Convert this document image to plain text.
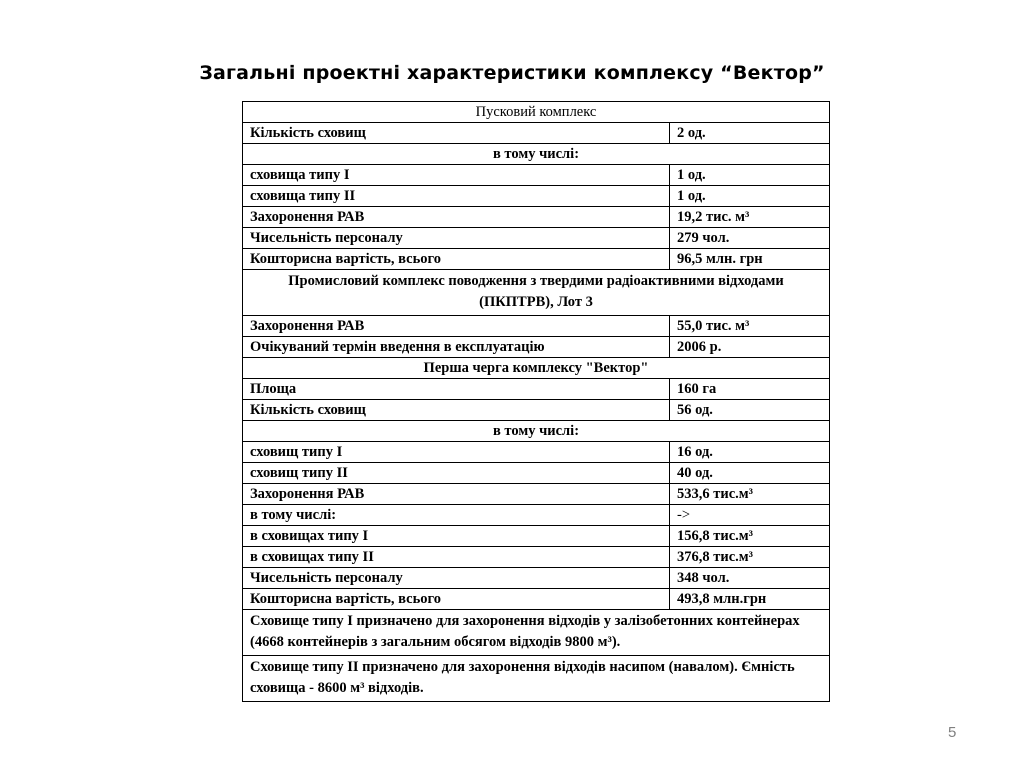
Загальні проектні характеристики комплексу “Вектор”
Пусковий комплекс	
Кількість сховищ	2 од.
в тому числі:	
сховища типу I	1 од.
сховища типу II	1 од.
Захоронення РАВ	19,2 тис. м³
Чисельність персоналу	279 чол.
Кошторисна вартість, всього	96,5 млн. грн
Промисловий комплекс поводження з твердими радіоактивними відходами (ПКПТРВ), Лот 3	
Захоронення РАВ	55,0 тис. м³
Очікуваний термін введення в експлуатацію	2006 р.
Перша черга комплексу "Вектор"	
Площа	160 га
Кількість сховищ	56 од.
в тому числі:	
сховищ типу I	16 од.
сховищ типу II	40 од.
Захоронення РАВ	533,6 тис.м³
в тому числі:	->
в сховищах типу I	156,8 тис.м³
в сховищах типу II	376,8 тис.м³
Чисельність персоналу	348 чол.
Кошторисна вартість, всього	493,8 млн.грн
Сховище типу I призначено для захоронення відходів у залізобетонних контейнерах (4668 контейнерів з загальним обсягом відходів 9800 м³).	
Сховище типу II призначено для захоронення відходів насипом (навалом). Ємність сховища - 8600 м³ відходів.	
5
